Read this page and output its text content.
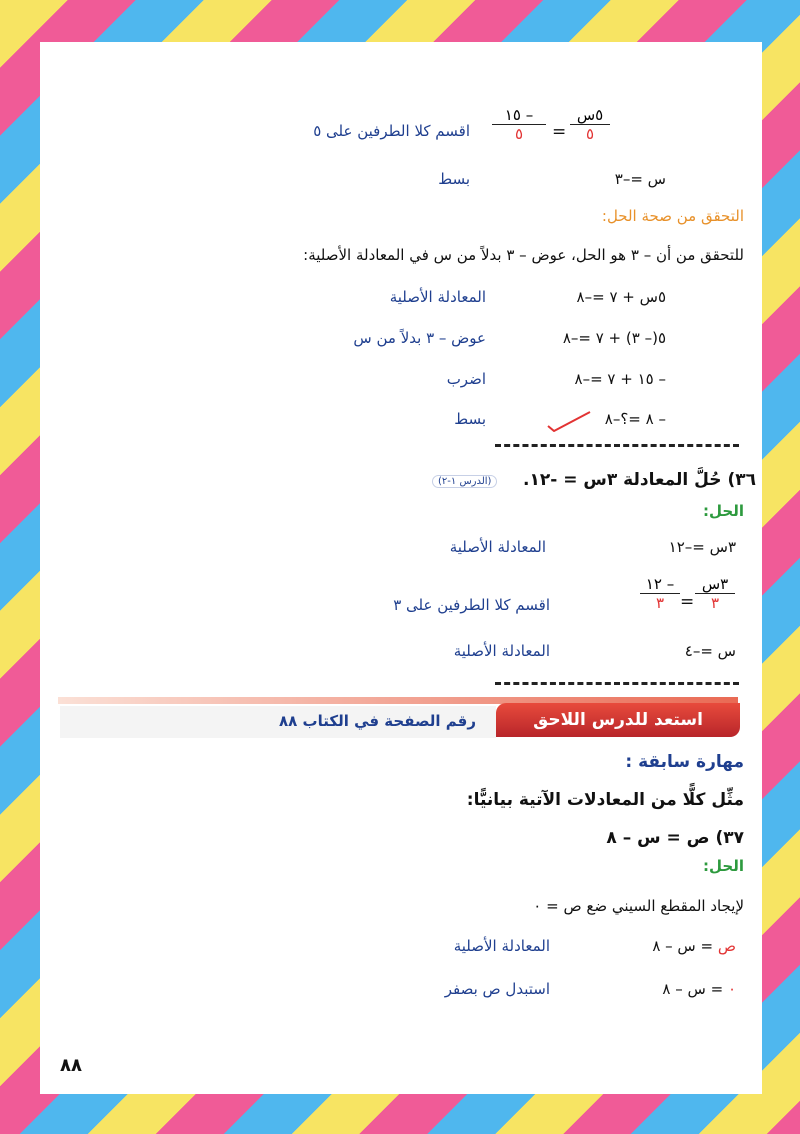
٥س
٥
=
– ١٥
٥
اقسم كلا الطرفين على ٥
س =–٣
بسط
التحقق من صحة الحل:
للتحقق من أن – ٣ هو الحل، عوض – ٣ بدلاً من س في المعادلة الأصلية:
٥س + ٧ =–٨
المعادلة الأصلية
٥(– ٣) + ٧ =–٨
عوض – ٣ بدلاً من س
– ١٥ + ٧ =–٨
اضرب
– ٨ =؟–٨
بسط
٣٦) حُلَّ المعادلة ٣س = -١٢.
(الدرس ١-٢)
الحل:
٣س =–١٢
المعادلة الأصلية
٣س
٣
=
– ١٢
٣
اقسم كلا الطرفين على ٣
س =–٤
المعادلة الأصلية
استعد للدرس اللاحق
رقم الصفحة في الكتاب ٨٨
مهارة سابقة :
مثِّل كلًّا من المعادلات الآتية بيانيًّا:
٣٧) ص = س – ٨
الحل:
لإيجاد المقطع السيني ضع ص = ٠
ص = س – ٨
المعادلة الأصلية
٠ = س – ٨
استبدل ص بصفر
٨٨
